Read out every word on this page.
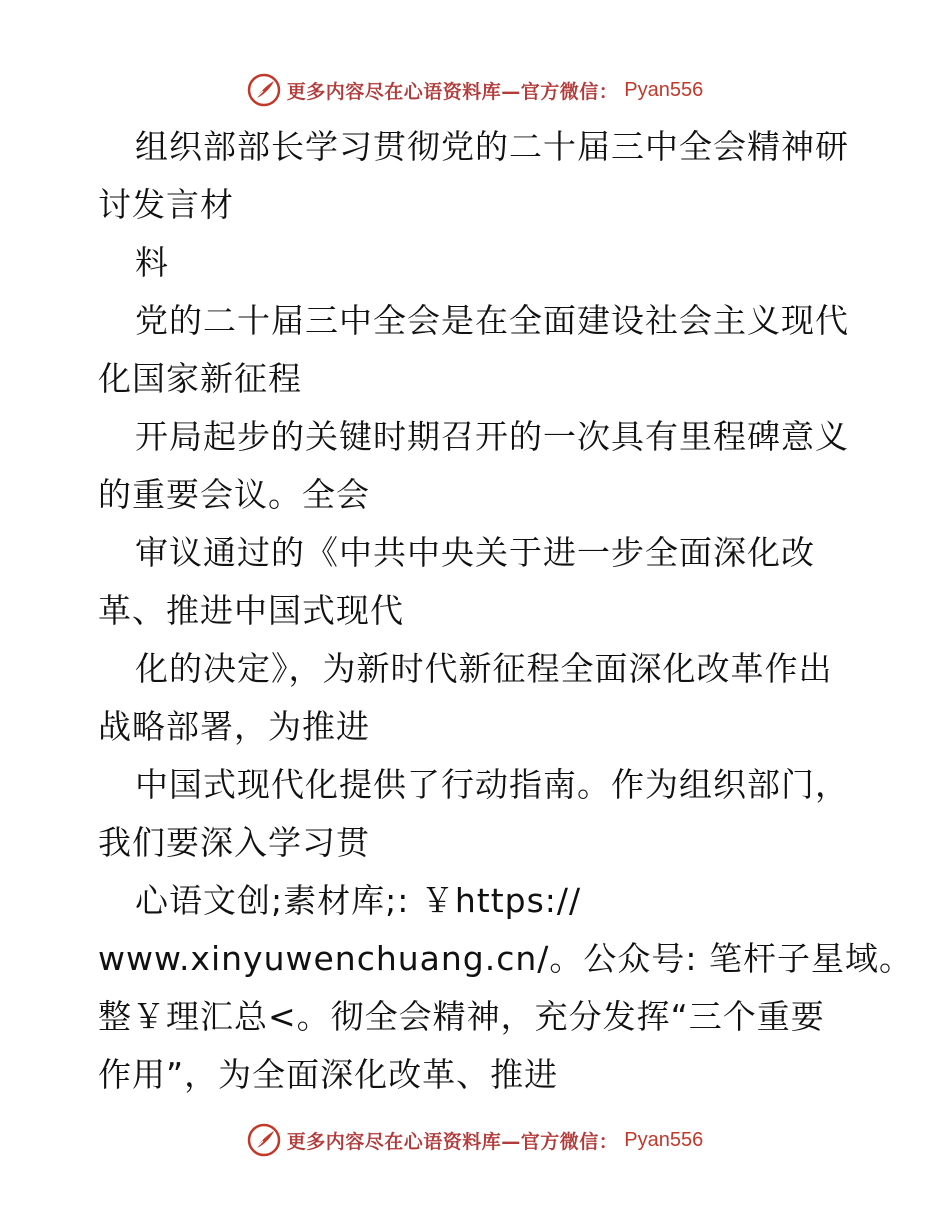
更多内容尽在心语资料库—官方微信： Pyan556
组织部部长学习贯彻党的二十届三中全会精神研
讨发言材
料
党的二十届三中全会是在全面建设社会主义现代
化国家新征程
开局起步的关键时期召开的一次具有里程碑意义
的重要会议。全会
审议通过的《中共中央关于进一步全面深化改
革、推进中国式现代
化的决定》，为新时代新征程全面深化改革作出
战略部署，为推进
中国式现代化提供了行动指南。作为组织部门，
我们要深入学习贯
心语文创;素材库;: ￥https://
www.xinyuwenchuang.cn/。公众号: 笔杆子星域。
整￥理汇总<。彻全会精神，充分发挥“三个重要
作用”，为全面深化改革、推进
更多内容尽在心语资料库—官方微信： Pyan556
